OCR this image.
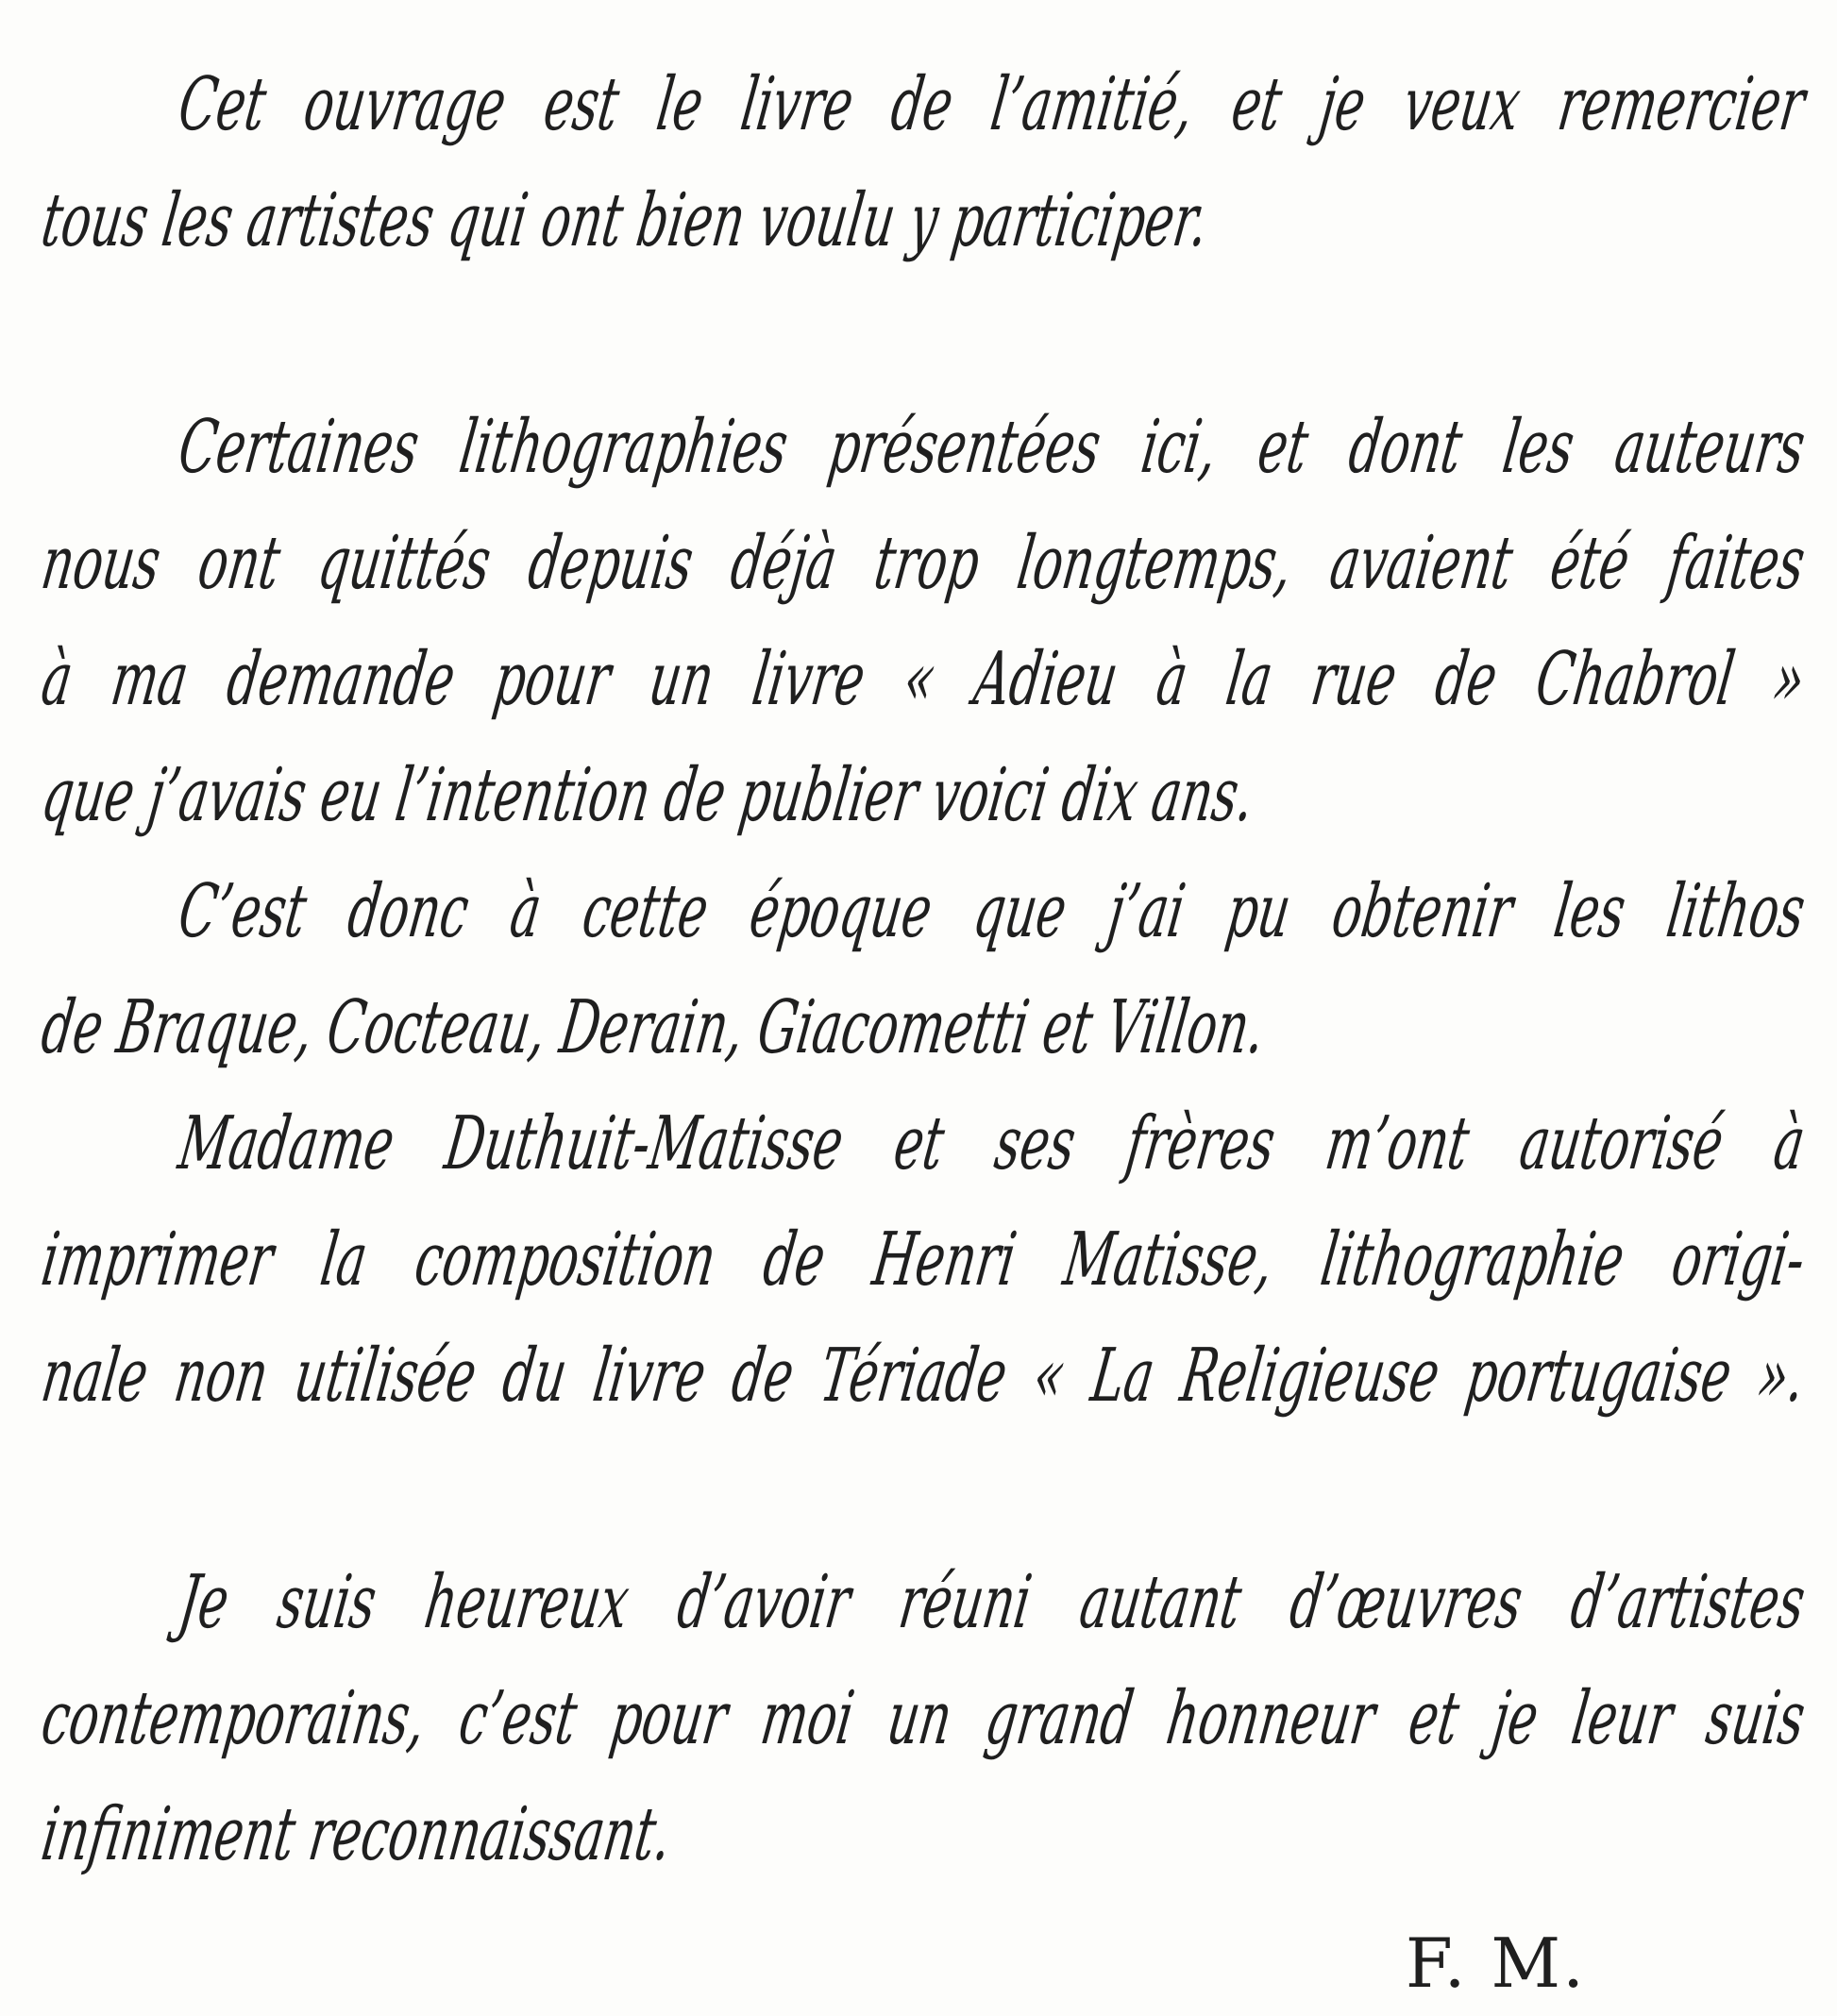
Cet ouvrage est le livre de l’amitié, et je veux remercier
tous les artistes qui ont bien voulu y participer.
Certaines lithographies présentées ici, et dont les auteurs
nous ont quittés depuis déjà trop longtemps, avaient été faites
à ma demande pour un livre « Adieu à la rue de Chabrol »
que j’avais eu l’intention de publier voici dix ans.
C’est donc à cette époque que j’ai pu obtenir les lithos
de Braque, Cocteau, Derain, Giacometti et Villon.
Madame Duthuit-Matisse et ses frères m’ont autorisé à
imprimer la composition de Henri Matisse, lithographie origi-
nale non utilisée du livre de Tériade « La Religieuse portugaise ».
Je suis heureux d’avoir réuni autant d’œuvres d’artistes
contemporains, c’est pour moi un grand honneur et je leur suis
infiniment reconnaissant.
F. M.
